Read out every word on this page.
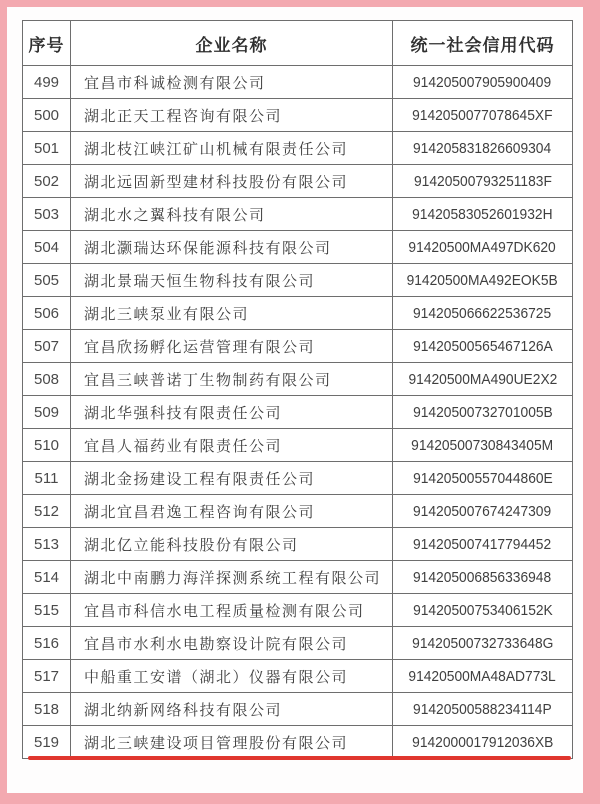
序号	企业名称	统一社会信用代码
499	宜昌市科诚检测有限公司	914205007905900409
500	湖北正天工程咨询有限公司	9142050077078645XF
501	湖北枝江峡江矿山机械有限责任公司	914205831826609304
502	湖北远固新型建材科技股份有限公司	91420500793251183F
503	湖北水之翼科技有限公司	91420583052601932H
504	湖北灏瑞达环保能源科技有限公司	91420500MA497DK620
505	湖北景瑞天恒生物科技有限公司	91420500MA492EOK5B
506	湖北三峡泵业有限公司	914205066622536725
507	宜昌欣扬孵化运营管理有限公司	91420500565467126A
508	宜昌三峡普诺丁生物制药有限公司	91420500MA490UE2X2
509	湖北华强科技有限责任公司	91420500732701005B
510	宜昌人福药业有限责任公司	91420500730843405M
511	湖北金扬建设工程有限责任公司	91420500557044860E
512	湖北宜昌君逸工程咨询有限公司	914205007674247309
513	湖北亿立能科技股份有限公司	914205007417794452
514	湖北中南鹏力海洋探测系统工程有限公司	914205006856336948
515	宜昌市科信水电工程质量检测有限公司	91420500753406152K
516	宜昌市水利水电勘察设计院有限公司	91420500732733648G
517	中船重工安谱（湖北）仪器有限公司	91420500MA48AD773L
518	湖北纳新网络科技有限公司	91420500588234114P
519	湖北三峡建设项目管理股份有限公司	9142000017912036XB
